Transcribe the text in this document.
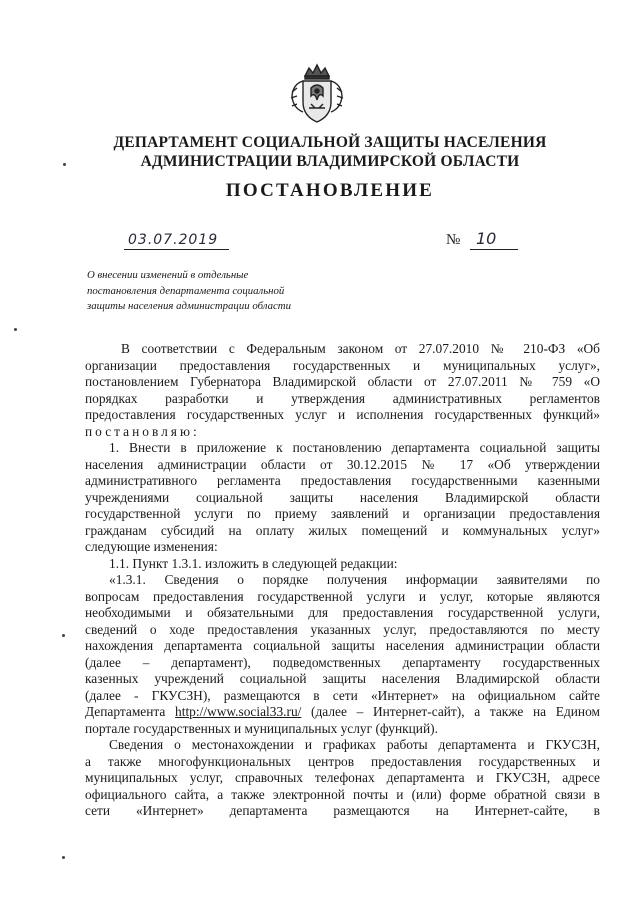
ДЕПАРТАМЕНТ СОЦИАЛЬНОЙ ЗАЩИТЫ НАСЕЛЕНИЯ
АДМИНИСТРАЦИИ ВЛАДИМИРСКОЙ ОБЛАСТИ
ПОСТАНОВЛЕНИЕ
03.07.2019	№ 10
О внесении изменений в отдельные
постановления департамента социальной
защиты населения администрации области
В соответствии с Федеральным законом от 27.07.2010 № 210-ФЗ «Об
организации предоставления государственных и муниципальных услуг»,
постановлением Губернатора Владимирской области от 27.07.2011 № 759 «О
порядках разработки и утверждения административных регламентов
предоставления государственных услуг и исполнения государственных функций»
постановляю:
1. Внести в приложение к постановлению департамента социальной защиты
населения администрации области от 30.12.2015 № 17 «Об утверждении
административного регламента предоставления государственными казенными
учреждениями социальной защиты населения Владимирской области
государственной услуги по приему заявлений и организации предоставления
гражданам субсидий на оплату жилых помещений и коммунальных услуг»
следующие изменения:
1.1. Пункт 1.3.1. изложить в следующей редакции:
«1.3.1. Сведения о порядке получения информации заявителями по
вопросам предоставления государственной услуги и услуг, которые являются
необходимыми и обязательными для предоставления государственной услуги,
сведений о ходе предоставления указанных услуг, предоставляются по месту
нахождения департамента социальной защиты населения администрации области
(далее – департамент), подведомственных департаменту государственных
казенных учреждений социальной защиты населения Владимирской области
(далее - ГКУСЗН), размещаются в сети «Интернет» на официальном сайте
Департамента http://www.social33.ru/ (далее – Интернет-сайт), а также на Едином
портале государственных и муниципальных услуг (функций).
Сведения о местонахождении и графиках работы департамента и ГКУСЗН,
а также многофункциональных центров предоставления государственных и
муниципальных услуг, справочных телефонах департамента и ГКУСЗН, адресе
официального сайта, а также электронной почты и (или) форме обратной связи в
сети «Интернет» департамента размещаются на Интернет-сайте, в
